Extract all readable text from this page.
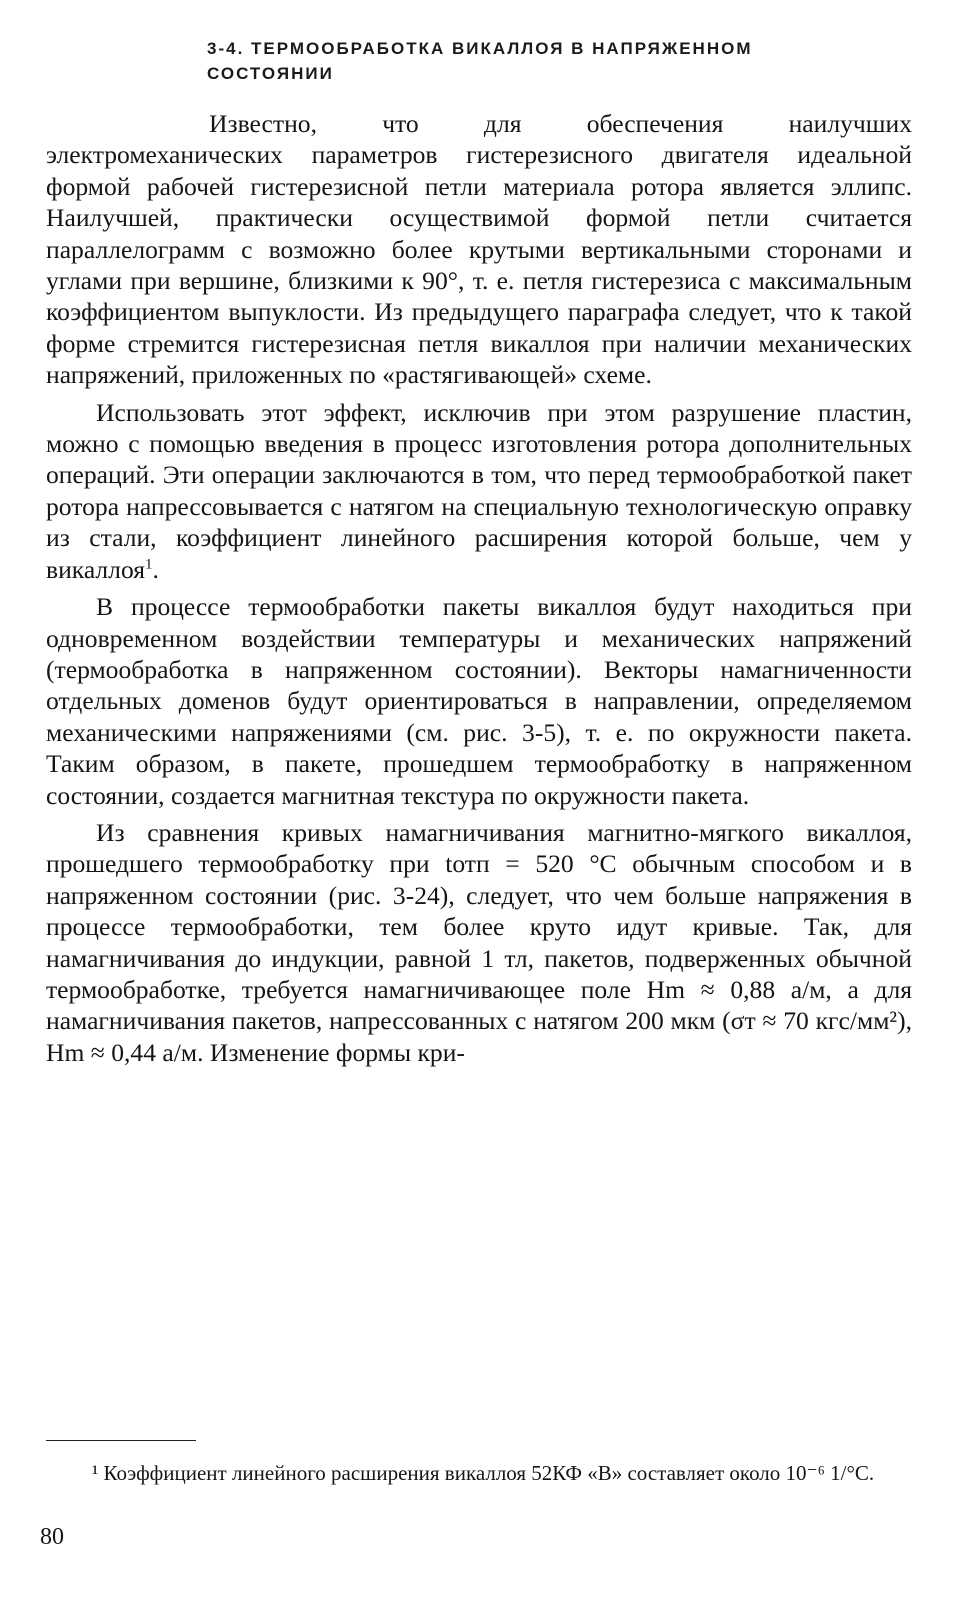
3-4. ТЕРМООБРАБОТКА ВИКАЛЛОЯ В НАПРЯЖЕННОМ
СОСТОЯНИИ

Известно, что для обеспечения наилучших электромеханических параметров гистерезисного двигателя идеальной формой рабочей гистерезисной петли материала ротора является эллипс. Наилучшей, практически осуществимой формой петли считается параллелограмм с возможно более крутыми вертикальными сторонами и углами при вершине, близкими к 90°, т. е. петля гистерезиса с максимальным коэффициентом выпуклости. Из предыдущего параграфа следует, что к такой форме стремится гистерезисная петля викаллоя при наличии механических напряжений, приложенных по «растягивающей» схеме.

Использовать этот эффект, исключив при этом разрушение пластин, можно с помощью введения в процесс изготовления ротора дополнительных операций. Эти операции заключаются в том, что перед термообработкой пакет ротора напрессовывается с натягом на специальную технологическую оправку из стали, коэффициент линейного расширения которой больше, чем у викаллоя$^1$.

В процессе термообработки пакеты викаллоя будут находиться при одновременном воздействии температуры и механических напряжений (термообработка в напряженном состоянии). Векторы намагниченности отдельных доменов будут ориентироваться в направлении, определяемом механическими напряжениями (см. рис. 3-5), т. е. по окружности пакета. Таким образом, в пакете, прошедшем термообработку в напряженном состоянии, создается магнитная текстура по окружности пакета.

Из сравнения кривых намагничивания магнитно-мягкого викаллоя, прошедшего термообработку при tотп = 520 °С обычным способом и в напряженном состоянии (рис. 3-24), следует, что чем больше напряжения в процессе термообработки, тем более круто идут кривые. Так, для намагничивания до индукции, равной 1 тл, пакетов, подверженных обычной термообработке, требуется намагничивающее поле Hm ≈ 0,88 а/м, а для намагничивания пакетов, напрессованных с натягом 200 мкм (σт ≈ 70 кгс/мм²), Hm ≈ 0,44 а/м. Изменение формы кри-

¹ Коэффициент линейного расширения викаллоя 52КФ «В» составляет около 10⁻⁶ 1/°С.

80
